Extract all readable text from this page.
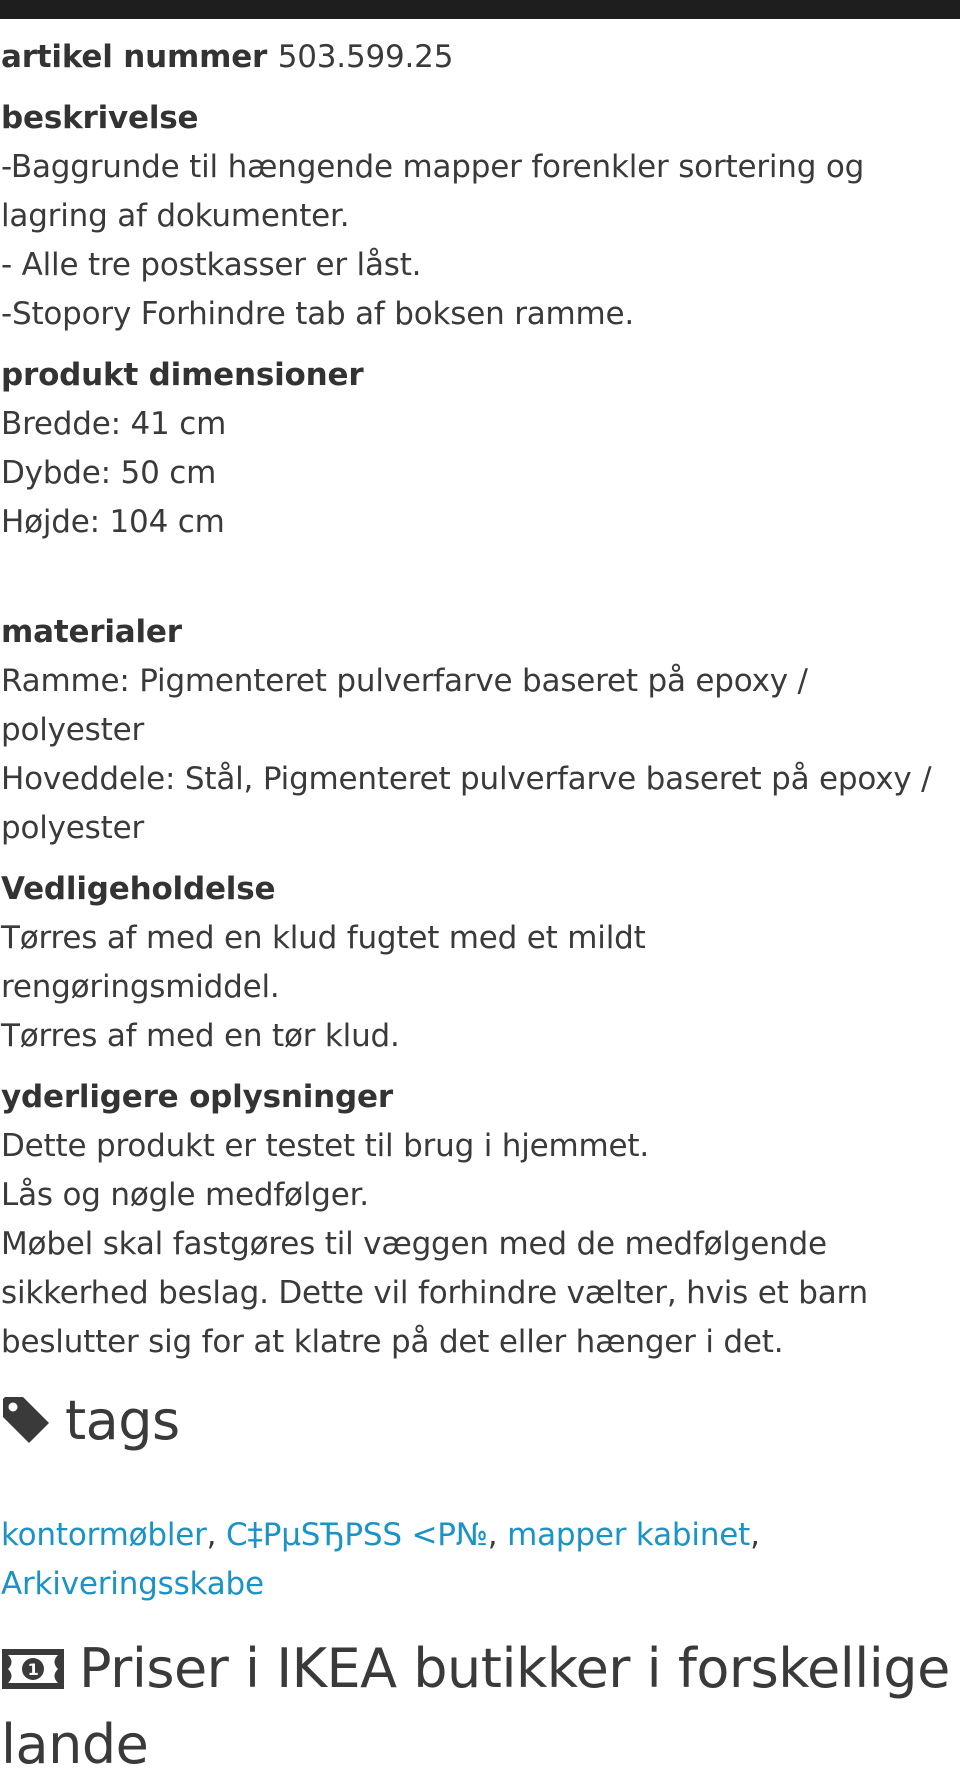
artikel nummer 503.599.25
beskrivelse
-Baggrunde til hængende mapper forenkler sortering og
lagring af dokumenter.
- Alle tre postkasser er låst.
-Stopory Forhindre tab af boksen ramme.
produkt dimensioner
Bredde: 41 cm
Dybde: 50 cm
Højde: 104 cm
materialer
Ramme: Pigmenteret pulverfarve baseret på epoxy /
polyester
Hoveddele: Stål, Pigmenteret pulverfarve baseret på epoxy /
polyester
Vedligeholdelse
Tørres af med en klud fugtet med et mildt
rengøringsmiddel.
Tørres af med en tør klud.
yderligere oplysninger
Dette produkt er testet til brug i hjemmet.
Lås og nøgle medfølger.
Møbel skal fastgøres til væggen med de medfølgende
sikkerhed beslag. Dette vil forhindre vælter, hvis et barn
beslutter sig for at klatre på det eller hænger i det.
tags
kontormøbler, С‡РµЅЂРЅЅ <Р№, mapper kabinet,
Arkiveringsskabe
1 Priser i IKEA butikker i forskellige
lande
